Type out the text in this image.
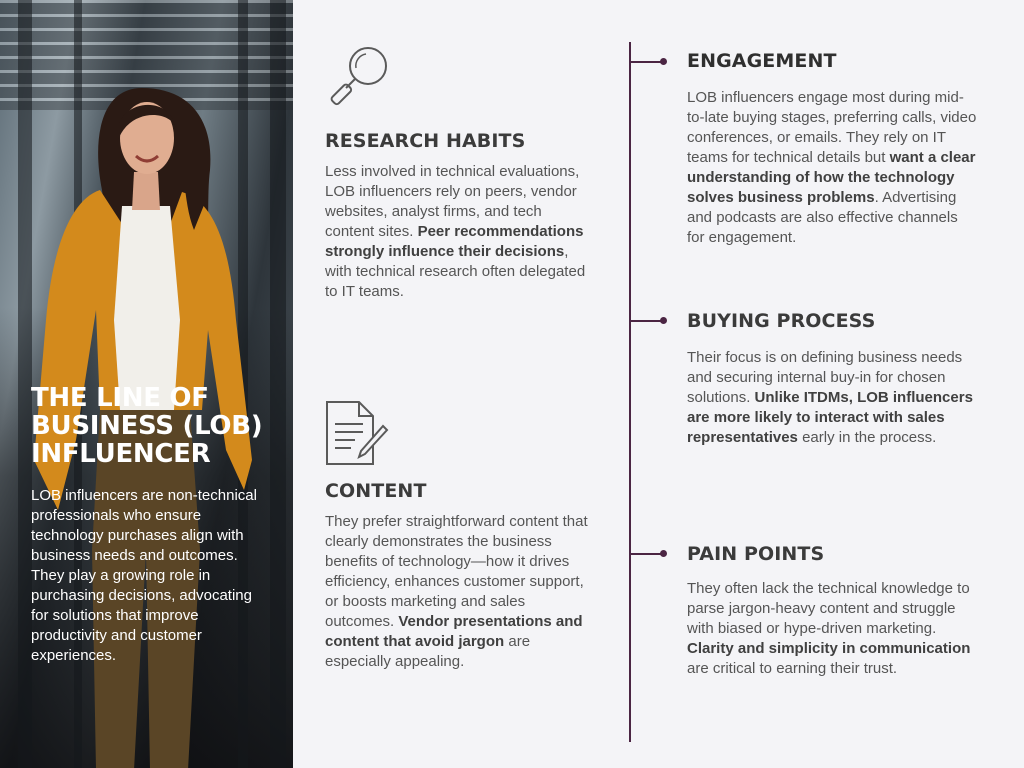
THE LINE OF BUSINESS (LOB) INFLUENCER

LOB influencers are non-technical professionals who ensure technology purchases align with business needs and outcomes. They play a growing role in purchasing decisions, advocating for solutions that improve productivity and customer experiences.

RESEARCH HABITS

Less involved in technical evaluations, LOB influencers rely on peers, vendor websites, analyst firms, and tech content sites. Peer recommendations strongly influence their decisions, with technical research often delegated to IT teams.

CONTENT

They prefer straightforward content that clearly demonstrates the business benefits of technology—how it drives efficiency, enhances customer support, or boosts marketing and sales outcomes. Vendor presentations and content that avoid jargon are especially appealing.

ENGAGEMENT

LOB influencers engage most during mid-to-late buying stages, preferring calls, video conferences, or emails. They rely on IT teams for technical details but want a clear understanding of how the technology solves business problems. Advertising and podcasts are also effective channels for engagement.

BUYING PROCESS

Their focus is on defining business needs and securing internal buy-in for chosen solutions. Unlike ITDMs, LOB influencers are more likely to interact with sales representatives early in the process.

PAIN POINTS

They often lack the technical knowledge to parse jargon-heavy content and struggle with biased or hype-driven marketing. Clarity and simplicity in communication are critical to earning their trust.
